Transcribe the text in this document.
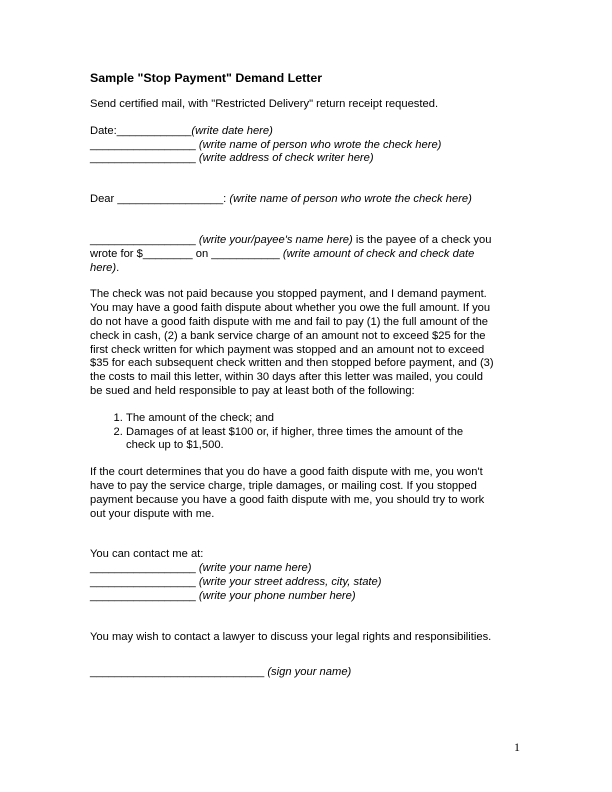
Sample "Stop Payment" Demand Letter

Send certified mail, with "Restricted Delivery" return receipt requested.

Date:____________(write date here)

_________________ (write name of person who wrote the check here)

_________________ (write address of check writer here)

Dear _________________: (write name of person who wrote the check here)

_________________ (write your/payee's name here) is the payee of a check you

wrote for $________ on ___________ (write amount of check and check date

here).

The check was not paid because you stopped payment, and I demand payment.

You may have a good faith dispute about whether you owe the full amount. If you

do not have a good faith dispute with me and fail to pay (1) the full amount of the

check in cash, (2) a bank service charge of an amount not to exceed $25 for the

first check written for which payment was stopped and an amount not to exceed

$35 for each subsequent check written and then stopped before payment, and (3)

the costs to mail this letter, within 30 days after this letter was mailed, you could

be sued and held responsible to pay at least both of the following:

1. The amount of the check; and
2. Damages of at least $100 or, if higher, three times the amount of the
check up to $1,500.

If the court determines that you do have a good faith dispute with me, you won't

have to pay the service charge, triple damages, or mailing cost. If you stopped

payment because you have a good faith dispute with me, you should try to work

out your dispute with me.

You can contact me at:

_________________ (write your name here)

_________________ (write your street address, city, state)

_________________ (write your phone number here)

You may wish to contact a lawyer to discuss your legal rights and responsibilities.

____________________________ (sign your name)

1
